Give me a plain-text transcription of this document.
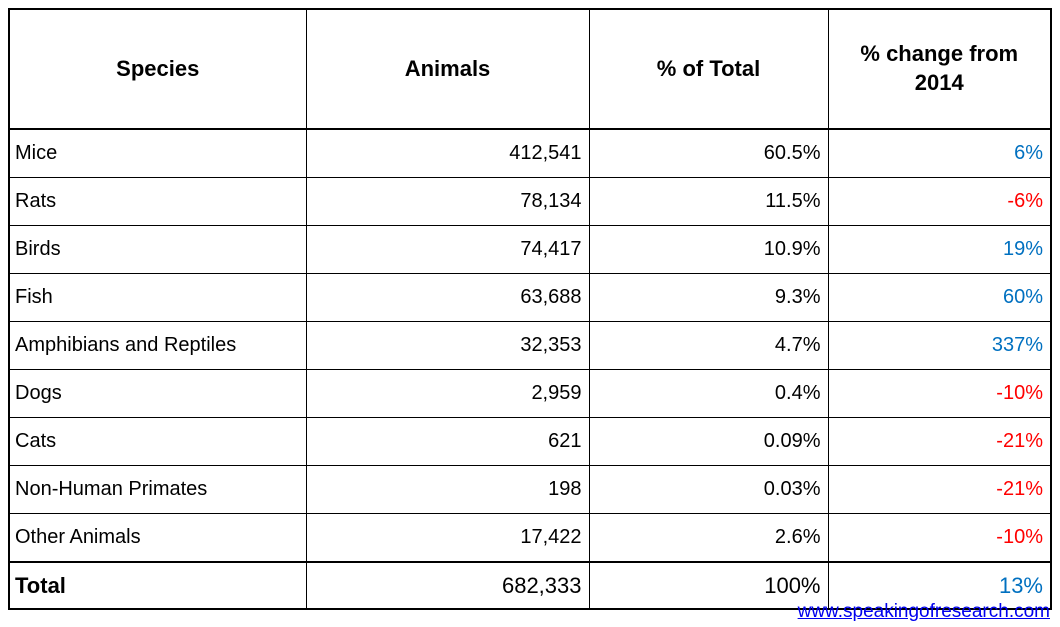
Species	Animals	% of Total	% change from 2014
Mice	412,541	60.5%	6%
Rats	78,134	11.5%	-6%
Birds	74,417	10.9%	19%
Fish	63,688	9.3%	60%
Amphibians and Reptiles	32,353	4.7%	337%
Dogs	2,959	0.4%	-10%
Cats	621	0.09%	-21%
Non-Human Primates	198	0.03%	-21%
Other Animals	17,422	2.6%	-10%
Total	682,333	100%	13%
www.speakingofresearch.com
